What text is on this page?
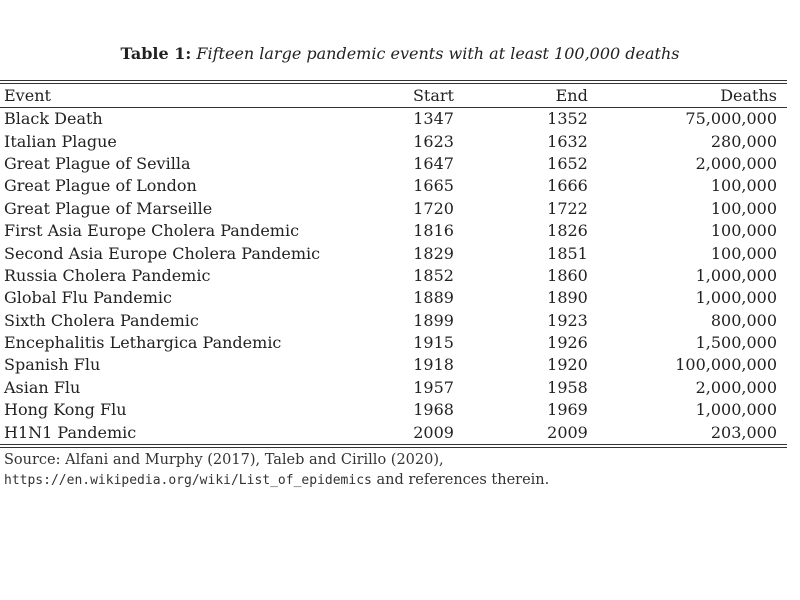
Table 1: Fifteen large pandemic events with at least 100,000 deaths
Event	Start	End	Deaths
Black Death	1347	1352	75,000,000
Italian Plague	1623	1632	280,000
Great Plague of Sevilla	1647	1652	2,000,000
Great Plague of London	1665	1666	100,000
Great Plague of Marseille	1720	1722	100,000
First Asia Europe Cholera Pandemic	1816	1826	100,000
Second Asia Europe Cholera Pandemic	1829	1851	100,000
Russia Cholera Pandemic	1852	1860	1,000,000
Global Flu Pandemic	1889	1890	1,000,000
Sixth Cholera Pandemic	1899	1923	800,000
Encephalitis Lethargica Pandemic	1915	1926	1,500,000
Spanish Flu	1918	1920	100,000,000
Asian Flu	1957	1958	2,000,000
Hong Kong Flu	1968	1969	1,000,000
H1N1 Pandemic	2009	2009	203,000
Source: Alfani and Murphy (2017), Taleb and Cirillo (2020), https://en.wikipedia.org/wiki/List_of_epidemics and references therein.
